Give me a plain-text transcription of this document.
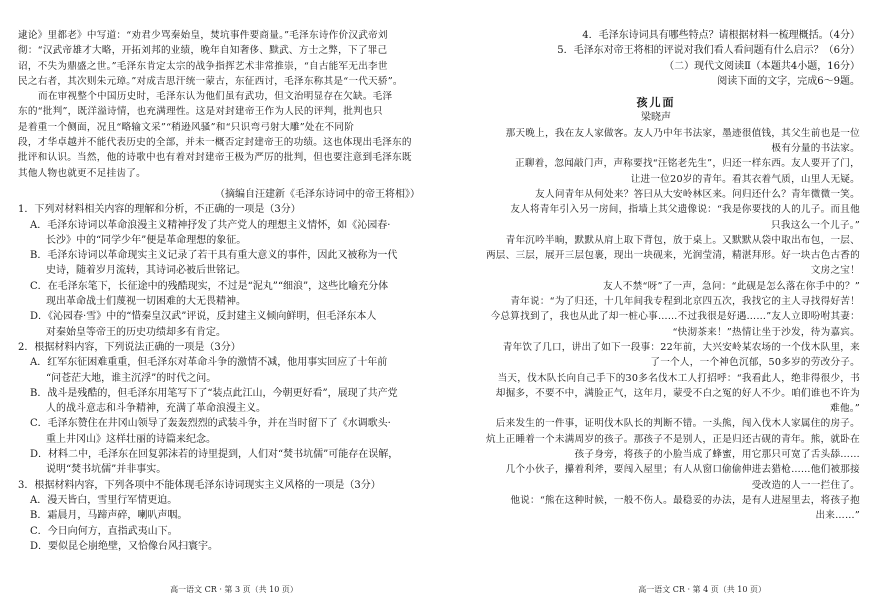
逮论》里都老》中写道：“劝君少骂秦始皇，焚坑事件要商量。”毛泽东诗作价汉武帝刘
彻：“汉武帝雄才大略，开拓刘邦的业绩，晚年自知奢侈、黩武、方士之弊，下了罪己
诏，不失为鼎盛之世。”毛泽东肯定太宗的战争指挥艺术非常推崇，“自古能军无出李世
民之右者，其次则朱元璋。”对成吉思汗统一蒙古，东征西讨，毛泽东称其是“一代天骄”。
而在审视整个中国历史时，毛泽东认为他们虽有武功，但文治明显存在欠缺。毛泽
东的“批判”，既洋溢诗情，也充满理性。这是对封建帝王作为人民的评判，批判也只
是着重一个侧面，况且“略输文采”“稍逊风骚”和“只识弯弓射大雕”处在不同阶
段，才华卓越并不能代表历史的全部，并未一概否定封建帝王的功绩。这也体现出毛泽东的
批评和认识。当然，他的诗歌中也有着对封建帝王极为严厉的批判，但也要注意到毛泽东既
其他人物也就更不足挂齿了。
（摘编自汪建新《毛泽东诗词中的帝王将相》）
1．下列对材料相关内容的理解和分析，不正确的一项是（3分）
A．毛泽东诗词以革命浪漫主义精神抒发了共产党人的理想主义情怀，如《沁园春·
长沙》中的“同学少年”便是革命理想的象征。
B．毛泽东诗词以革命现实主义记录了若干具有重大意义的事件，因此又被称为一代
史诗，随着岁月流转，其诗词必被后世铭记。
C．在毛泽东笔下，长征途中的残酷现实，不过是“泥丸”“细浪”，这些比喻充分体
现出革命战士们蔑视一切困难的大无畏精神。
D．《沁园春·雪》中的“惜秦皇汉武”评说，反封建主义倾向鲜明，但毛泽东本人
对秦始皇等帝王的历史功绩却多有肯定。
2．根据材料内容，下列说法正确的一项是（3分）
A．红军东征困难重重，但毛泽东对革命斗争的激情不减，他用事实回应了十年前
“问苍茫大地，谁主沉浮”的时代之问。
B．战斗是残酷的，但毛泽东用笔写下了“装点此江山，今朝更好看”，展现了共产党
人的战斗意志和斗争精神，充满了革命浪漫主义。
C．毛泽东赞住在井冈山领导了轰轰烈烈的武装斗争，并在当时留下了《水调歌头·
重上井冈山》这样壮丽的诗篇来纪念。
D．材料二中，毛泽东在回复郭沫若的诗里提到，人们对“焚书坑儒”可能存在误解，
说明“焚书坑儒”并非事实。
3．根据材料内容，下列各项中不能体现毛泽东诗词现实主义风格的一项是（3分）
A．漫天皆白，雪里行军情更迫。
B．霜晨月，马蹄声碎，喇叭声咽。
C．今日向何方，直指武夷山下。
D．要似昆仑崩绝壁，又恰像台风扫寰宇。
高一语文 CR · 第 3 页（共 10 页）
4．毛泽东诗词具有哪些特点？请根据材料一梳理概括。（4分）
5．毛泽东对帝王将相的评说对我们看人看问题有什么启示？（6分）
（二）现代文阅读Ⅱ（本题共4小题，16分）
阅读下面的文字，完成6～9题。
孩儿面
梁晓声
那天晚上，我在友人家做客。友人乃中年书法家，墨迹很值钱，其父生前也是一位
极有分量的书法家。
正聊着，忽闻敲门声，声称要找“汪铭老先生”，归还一样东西。友人要开了门，
让进一位20岁的青年。看其衣着气质，山里人无疑。
友人问青年从何处来？答曰从大安岭林区来。问归还什么？青年微微一笑。
友人将青年引入另一房间，指墙上其父遗像说：“我是你要找的人的儿子。而且他
只我这么一个儿子。”
青年沉吟半晌，默默从肩上取下背包，放于桌上。又默默从袋中取出布包，一层、
两层、三层，展开三层包裹，现出一块砚来，光润莹清，精湛拜形。好一块古色古香的
文房之宝！
友人不禁“呀”了一声，急问：“此砚是怎么落在你手中的？”
青年说：“为了归还，十几年间我专程到北京四五次，我找它的主人寻找得好苦！
今总算找到了，我也从此了却一桩心事……不过我很是好遇……”友人立即吩咐其妻：
“快沏茶来！”热情让坐于沙发，待为嘉宾。
青年饮了几口，讲出了如下一段事：22年前，大兴安岭某农场的一个伐木队里，来
了一个人，一个神色沉郁，50多岁的劳改分子。
当天，伐木队长向自己手下的30多名伐木工人打招呼：“我看此人，绝非得很少，书
却掘多，不要不中，满脸正气，这年月，蒙受不白之冤的好人不少。咱们谁也不许为
难他。”
后来发生的一件事，证明伐木队长的判断不错。一头熊，闯入伐木人家属住的房子。
炕上正睡着一个未满周岁的孩子。那孩子不是别人，正是归还古砚的青年。熊，就卧在
孩子身旁，将孩子的小脸当成了蜂蜜，用它那只可宽了舌头舔……
几个小伙子，攥着利斧，要闯入屋里；有人从窗口偷偷伸进去猎枪……他们被那接
受改造的人一一拦住了。
他说：“熊在这种时候，一般不伤人。最稳妥的办法，是有人进屋里去，将孩子抱
出来……”
高一语文 CR · 第 4 页（共 10 页）
